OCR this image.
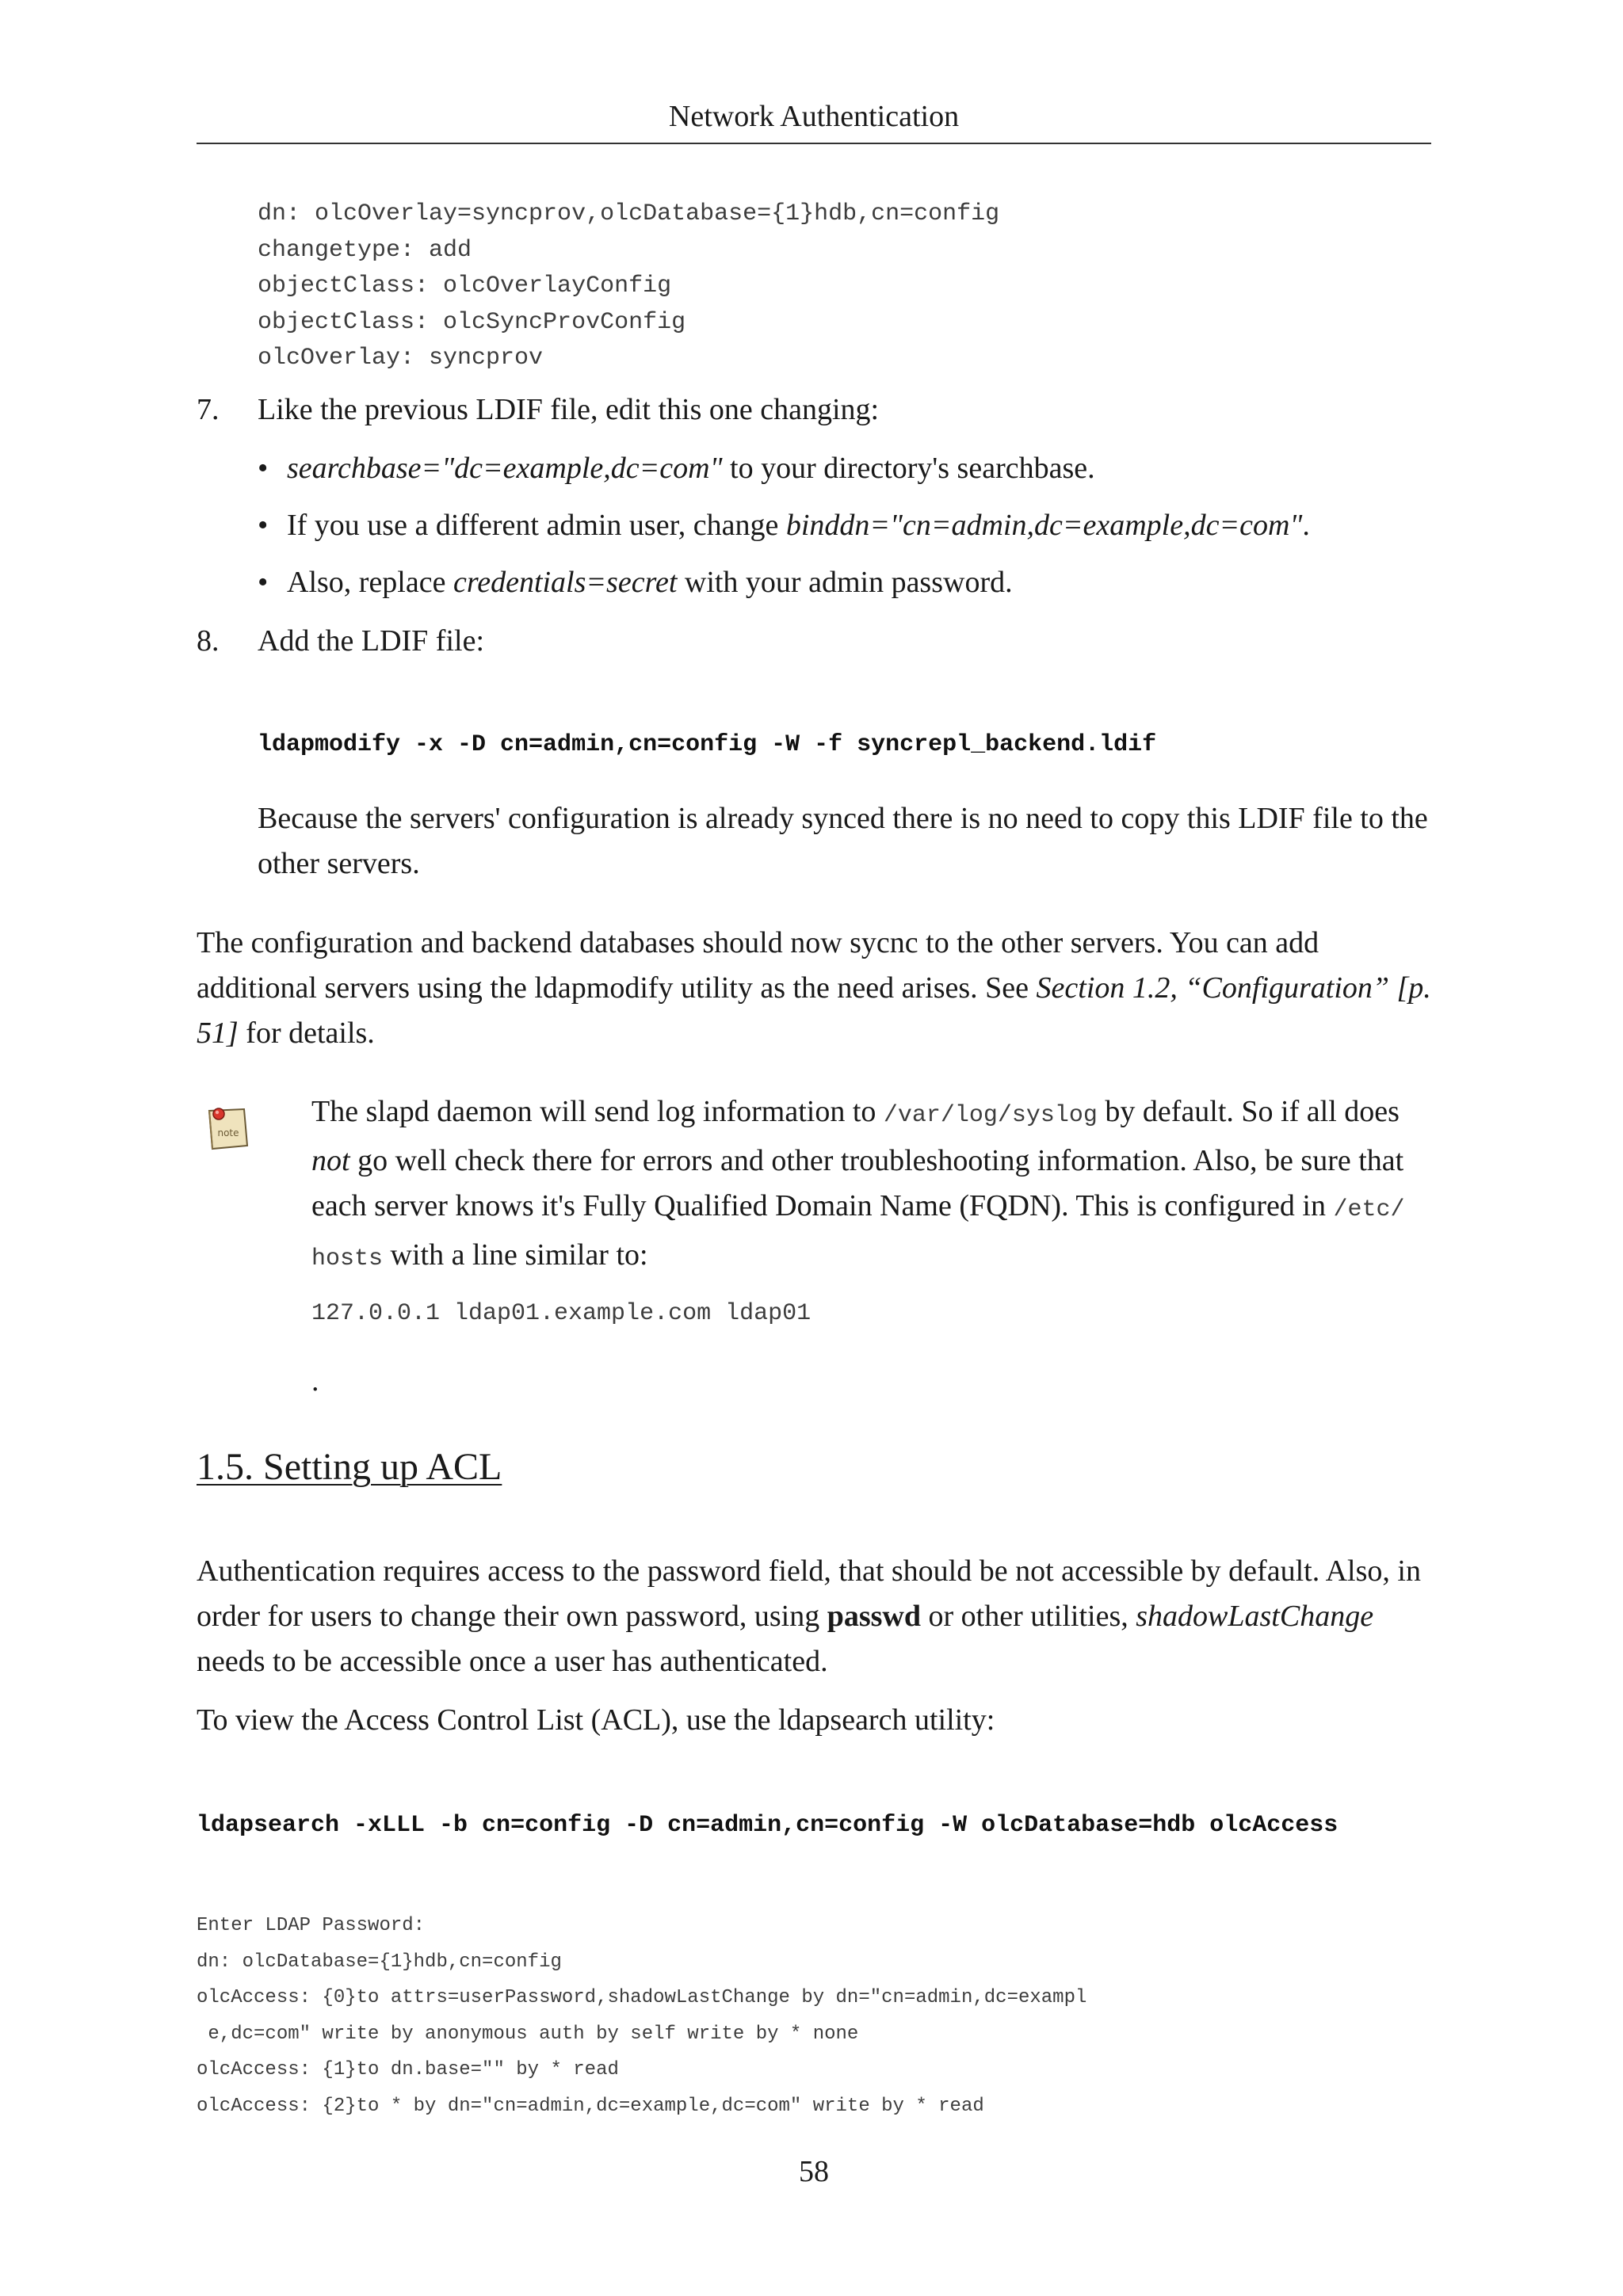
Network Authentication
dn: olcOverlay=syncprov,olcDatabase={1}hdb,cn=config
changetype: add
objectClass: olcOverlayConfig
objectClass: olcSyncProvConfig
olcOverlay: syncprov
7.	Like the previous LDIF file, edit this one changing:
• searchbase="dc=example,dc=com" to your directory's searchbase.
• If you use a different admin user, change binddn="cn=admin,dc=example,dc=com".
• Also, replace credentials=secret with your admin password.
8.	Add the LDIF file:
ldapmodify -x -D cn=admin,cn=config -W -f syncrepl_backend.ldif
Because the servers' configuration is already synced there is no need to copy this LDIF file to the other servers.

The configuration and backend databases should now sycnc to the other servers. You can add additional servers using the ldapmodify utility as the need arises. See Section 1.2, “Configuration” [p. 51] for details.

note
The slapd daemon will send log information to /var/log/syslog by default. So if all does not go well check there for errors and other troubleshooting information. Also, be sure that each server knows it's Fully Qualified Domain Name (FQDN). This is configured in /etc/ hosts with a line similar to:
127.0.0.1 ldap01.example.com ldap01
.
1.5. Setting up ACL

Authentication requires access to the password field, that should be not accessible by default. Also, in order for users to change their own password, using passwd or other utilities, shadowLastChange needs to be accessible once a user has authenticated.

To view the Access Control List (ACL), use the ldapsearch utility:
ldapsearch -xLLL -b cn=config -D cn=admin,cn=config -W olcDatabase=hdb olcAccess
Enter LDAP Password:
dn: olcDatabase={1}hdb,cn=config
olcAccess: {0}to attrs=userPassword,shadowLastChange by dn="cn=admin,dc=exampl
e,dc=com" write by anonymous auth by self write by * none
olcAccess: {1}to dn.base="" by * read
olcAccess: {2}to * by dn="cn=admin,dc=example,dc=com" write by * read
58
